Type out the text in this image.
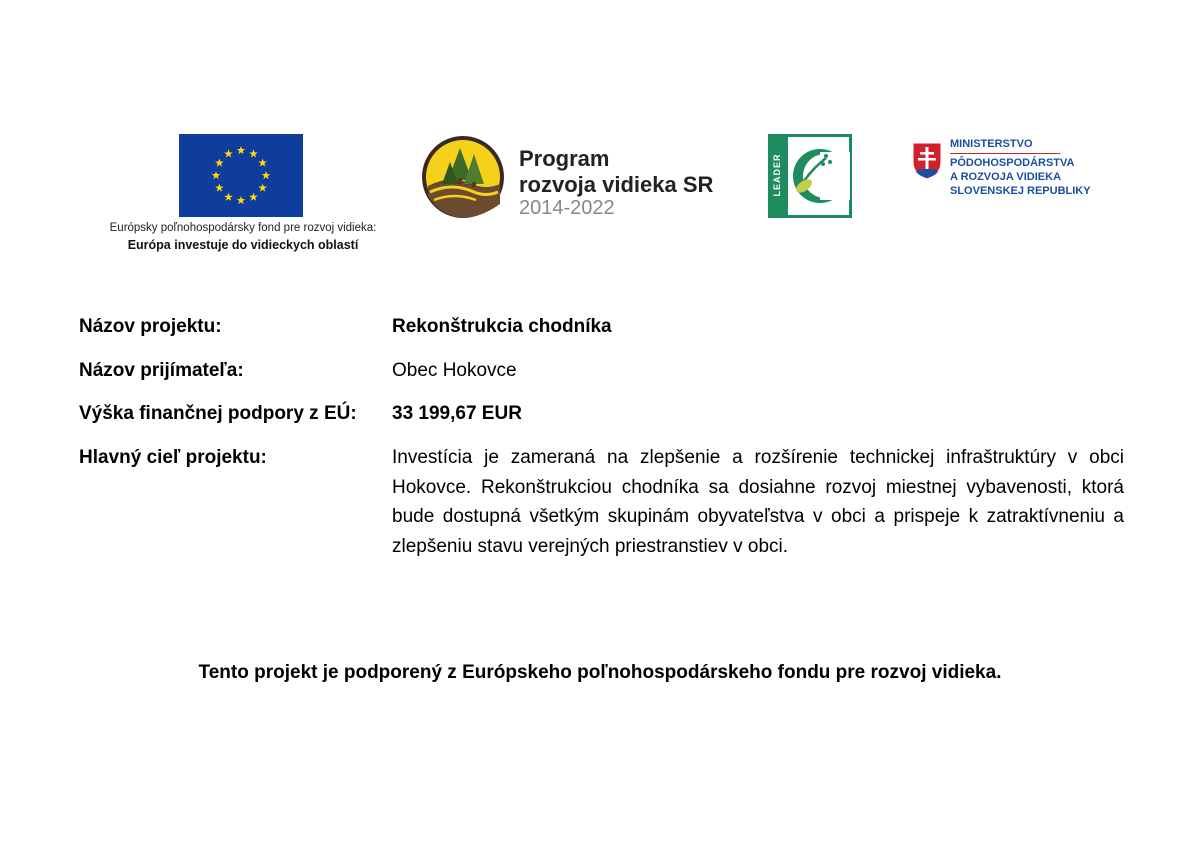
Európsky poľnohospodársky fond pre rozvoj vidieka:
Európa investuje do vidieckych oblastí
Program
rozvoja vidieka SR
2014-2022
LEADER
MINISTERSTVO
PÔDOHOSPODÁRSTVA
A ROZVOJA VIDIEKA
SLOVENSKEJ REPUBLIKY
Názov projektu:	Rekonštrukcia chodníka
Názov prijímateľa:	Obec Hokovce
Výška finančnej podpory z EÚ: 33 199,67 EUR
Hlavný cieľ projektu:	Investícia je zameraná na zlepšenie a rozšírenie technickej infraštruktúry v obci Hokovce. Rekonštrukciou chodníka sa dosiahne rozvoj miestnej vybavenosti, ktorá bude dostupná všetkým skupinám obyvateľstva v obci a prispeje k zatraktívneniu a zlepšeniu stavu verejných priestranstiev v obci.
Tento projekt je podporený z Európskeho poľnohospodárskeho fondu pre rozvoj vidieka.
